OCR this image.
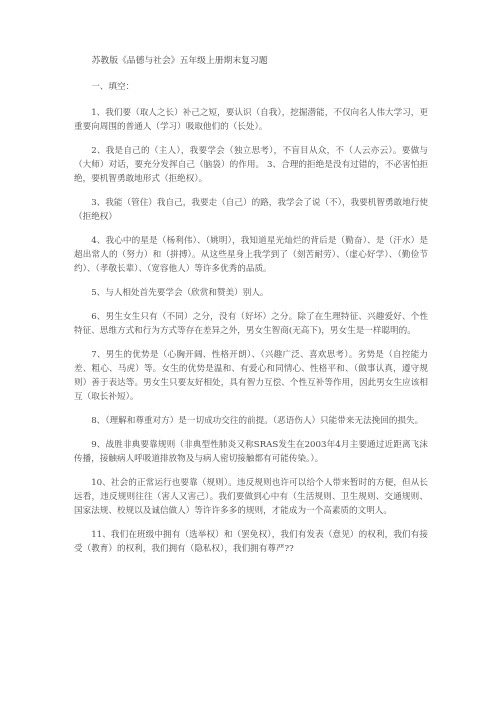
苏教版《品德与社会》五年级上册期末复习题

一、填空：

1、我们要（取人之长）补己之短，要认识（自我），挖掘潜能，不仅向名人伟大学习，更重要向周围的普通人（学习）吸取他们的（长处）。

2、我是自己的（主人），我要学会（独立思考），不盲目从众，不（人云亦云）。要做与（大师）对话，要充分发挥自己（脑袋）的作用。 3、合理的拒绝是没有过错的，不必害怕拒绝，要机智勇敢地形式（拒绝权）。

3、我能（管住）我自己，我要走（自己）的路，我学会了说（不），我要机智勇敢地行使（拒绝权）

4、我心中的星是（杨利伟）、（姚明），我知道星光灿烂的背后是（勤奋）、是（汗水）是超出常人的（努力）和（拼搏）。从这些星身上我学到了（刻苦耐劳）、（虚心好学）、（勤俭节约）、（孝敬长辈）、（宽容他人）等许多优秀的品质。

5、与人相处首先要学会（欣赏和赞美）别人。

6、男生女生只有（不同）之分，没有（好坏）之分。除了在生理特征、兴趣爱好、个性特征、思维方式和行为方式等存在差异之外，男女生智商(无高下)，男女生是一样聪明的。

7、男生的优势是（心胸开阔、性格开朗）、（兴趣广泛、喜欢思考）。劣势是（自控能力差、粗心、马虎）等。女生的优势是温和、有爱心和同情心、性格平和、（做事认真，遵守规则）善于表达等。男女生只要友好相处，具有智力互偿、个性互补等作用，因此男女生应该相互（取长补短）。

8、（理解和尊重对方）是一切成功交往的前提。（恶语伤人）只能带来无法挽回的损失。

9、战胜非典要靠规则（非典型性肺炎又称SRAS发生在2003年4月主要通过近距离飞沫传播，接触病人呼吸道排放物及与病人密切接触都有可能传染。）。

10、社会的正常运行也要靠（规则）。违反规则也许可以给个人带来暂时的方便，但从长远看，违反规则往往（害人又害己）。我们要做到心中有（生活规则、卫生规则、交通规则、国家法规、校规以及诚信做人）等许许多多的规则，才能成为一个高素质的文明人。

11、我们在班级中拥有（选举权）和（罢免权），我们有发表（意见）的权利，我们有接受（教育）的权利，我们拥有（隐私权），我们拥有尊严??
